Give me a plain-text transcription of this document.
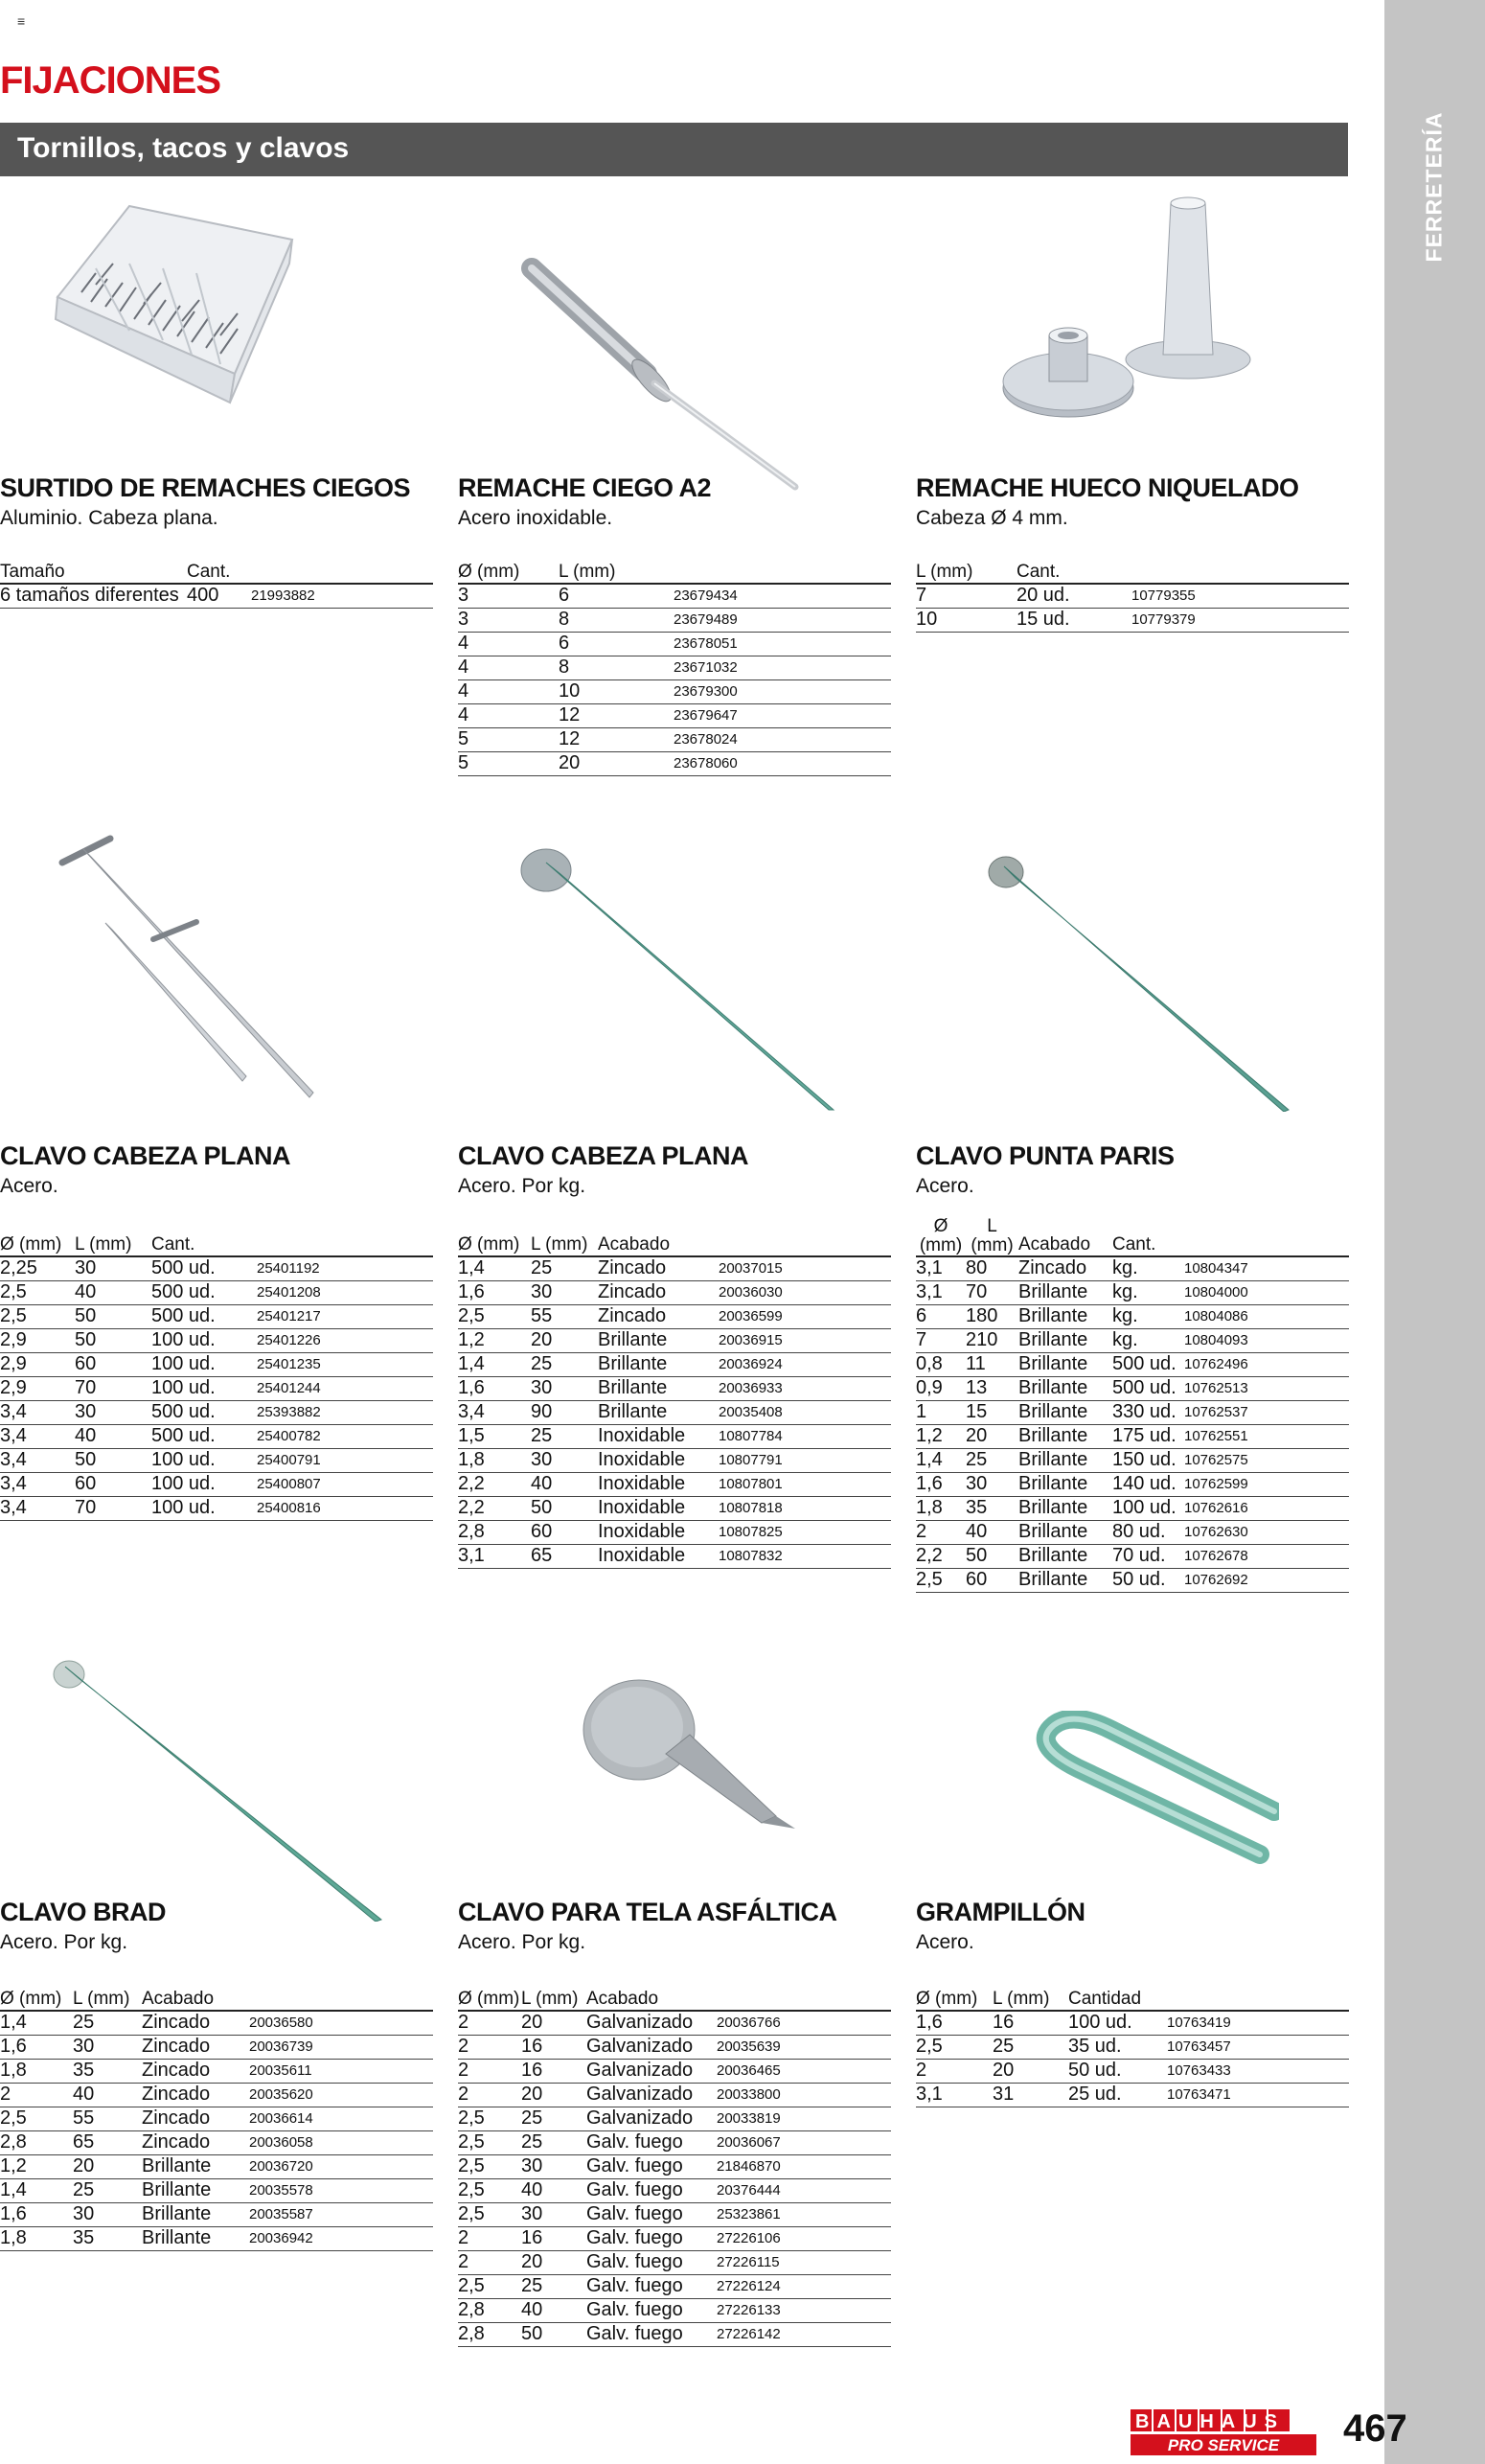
FERRETERÍA
≡
FIJACIONES
Tornillos, tacos y clavos
SURTIDO DE REMACHES CIEGOS
Aluminio. Cabeza plana.
Tamaño	Cant.	
6 tamaños diferentes	400	21993882
REMACHE CIEGO A2
Acero inoxidable.
Ø (mm)	L (mm)	
3	6	23679434
3	8	23679489
4	6	23678051
4	8	23671032
4	10	23679300
4	12	23679647
5	12	23678024
5	20	23678060
REMACHE HUECO NIQUELADO
Cabeza Ø 4 mm.
L (mm)	Cant.	
7	20 ud.	10779355
10	15 ud.	10779379
CLAVO CABEZA PLANA
Acero.
Ø (mm)	L (mm)	Cant.	
2,25	30	500 ud.	25401192
2,5	40	500 ud.	25401208
2,5	50	500 ud.	25401217
2,9	50	100 ud.	25401226
2,9	60	100 ud.	25401235
2,9	70	100 ud.	25401244
3,4	30	500 ud.	25393882
3,4	40	500 ud.	25400782
3,4	50	100 ud.	25400791
3,4	60	100 ud.	25400807
3,4	70	100 ud.	25400816
CLAVO CABEZA PLANA
Acero. Por kg.
Ø (mm)	L (mm)	Acabado	
1,4	25	Zincado	20037015
1,6	30	Zincado	20036030
2,5	55	Zincado	20036599
1,2	20	Brillante	20036915
1,4	25	Brillante	20036924
1,6	30	Brillante	20036933
3,4	90	Brillante	20035408
1,5	25	Inoxidable	10807784
1,8	30	Inoxidable	10807791
2,2	40	Inoxidable	10807801
2,2	50	Inoxidable	10807818
2,8	60	Inoxidable	10807825
3,1	65	Inoxidable	10807832
CLAVO PUNTA PARIS
Acero.
Ø (mm)	L (mm)	Acabado	Cant.	
3,1	80	Zincado	kg.	10804347
3,1	70	Brillante	kg.	10804000
6	180	Brillante	kg.	10804086
7	210	Brillante	kg.	10804093
0,8	11	Brillante	500 ud.	10762496
0,9	13	Brillante	500 ud.	10762513
1	15	Brillante	330 ud.	10762537
1,2	20	Brillante	175 ud.	10762551
1,4	25	Brillante	150 ud.	10762575
1,6	30	Brillante	140 ud.	10762599
1,8	35	Brillante	100 ud.	10762616
2	40	Brillante	80 ud.	10762630
2,2	50	Brillante	70 ud.	10762678
2,5	60	Brillante	50 ud.	10762692
CLAVO BRAD
Acero. Por kg.
Ø (mm)	L (mm)	Acabado	
1,4	25	Zincado	20036580
1,6	30	Zincado	20036739
1,8	35	Zincado	20035611
2	40	Zincado	20035620
2,5	55	Zincado	20036614
2,8	65	Zincado	20036058
1,2	20	Brillante	20036720
1,4	25	Brillante	20035578
1,6	30	Brillante	20035587
1,8	35	Brillante	20036942
CLAVO PARA TELA ASFÁLTICA
Acero. Por kg.
Ø (mm)	L (mm)	Acabado	
2	20	Galvanizado	20036766
2	16	Galvanizado	20035639
2	16	Galvanizado	20036465
2	20	Galvanizado	20033800
2,5	25	Galvanizado	20033819
2,5	25	Galv. fuego	20036067
2,5	30	Galv. fuego	21846870
2,5	40	Galv. fuego	20376444
2,5	30	Galv. fuego	25323861
2	16	Galv. fuego	27226106
2	20	Galv. fuego	27226115
2,5	25	Galv. fuego	27226124
2,8	40	Galv. fuego	27226133
2,8	50	Galv. fuego	27226142
GRAMPILLÓN
Acero.
Ø (mm)	L (mm)	Cantidad	
1,6	16	100 ud.	10763419
2,5	25	35 ud.	10763457
2	20	50 ud.	10763433
3,1	31	25 ud.	10763471
BAUHAUS
PRO SERVICE 467
